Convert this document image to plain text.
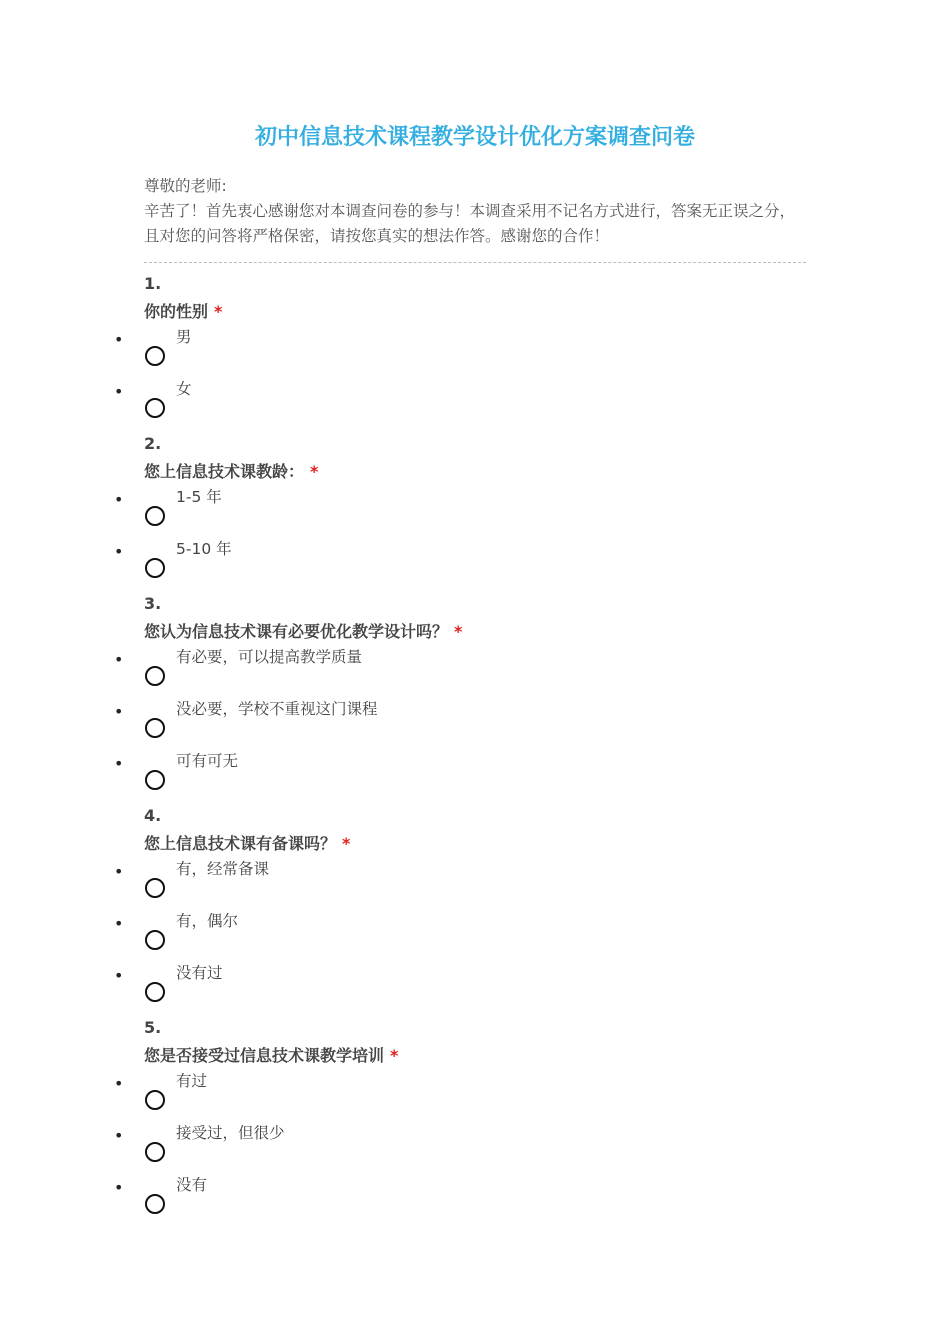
初中信息技术课程教学设计优化方案调查问卷

尊敬的老师:

辛苦了！首先衷心感谢您对本调查问卷的参与！本调查采用不记名方式进行，答案无正误之分，且对您的问答将严格保密，请按您真实的想法作答。感谢您的合作！

1.
你的性别 *
•	男
•	女
2.
您上信息技术课教龄： *
•	1-5 年
•	5-10 年
3.
您认为信息技术课有必要优化教学设计吗？ *
•	有必要，可以提高教学质量
•	没必要，学校不重视这门课程
•	可有可无
4.
您上信息技术课有备课吗？ *
•	有，经常备课
•	有，偶尔
•	没有过
5.
您是否接受过信息技术课教学培训 *
•	有过
•	接受过，但很少
•	没有
